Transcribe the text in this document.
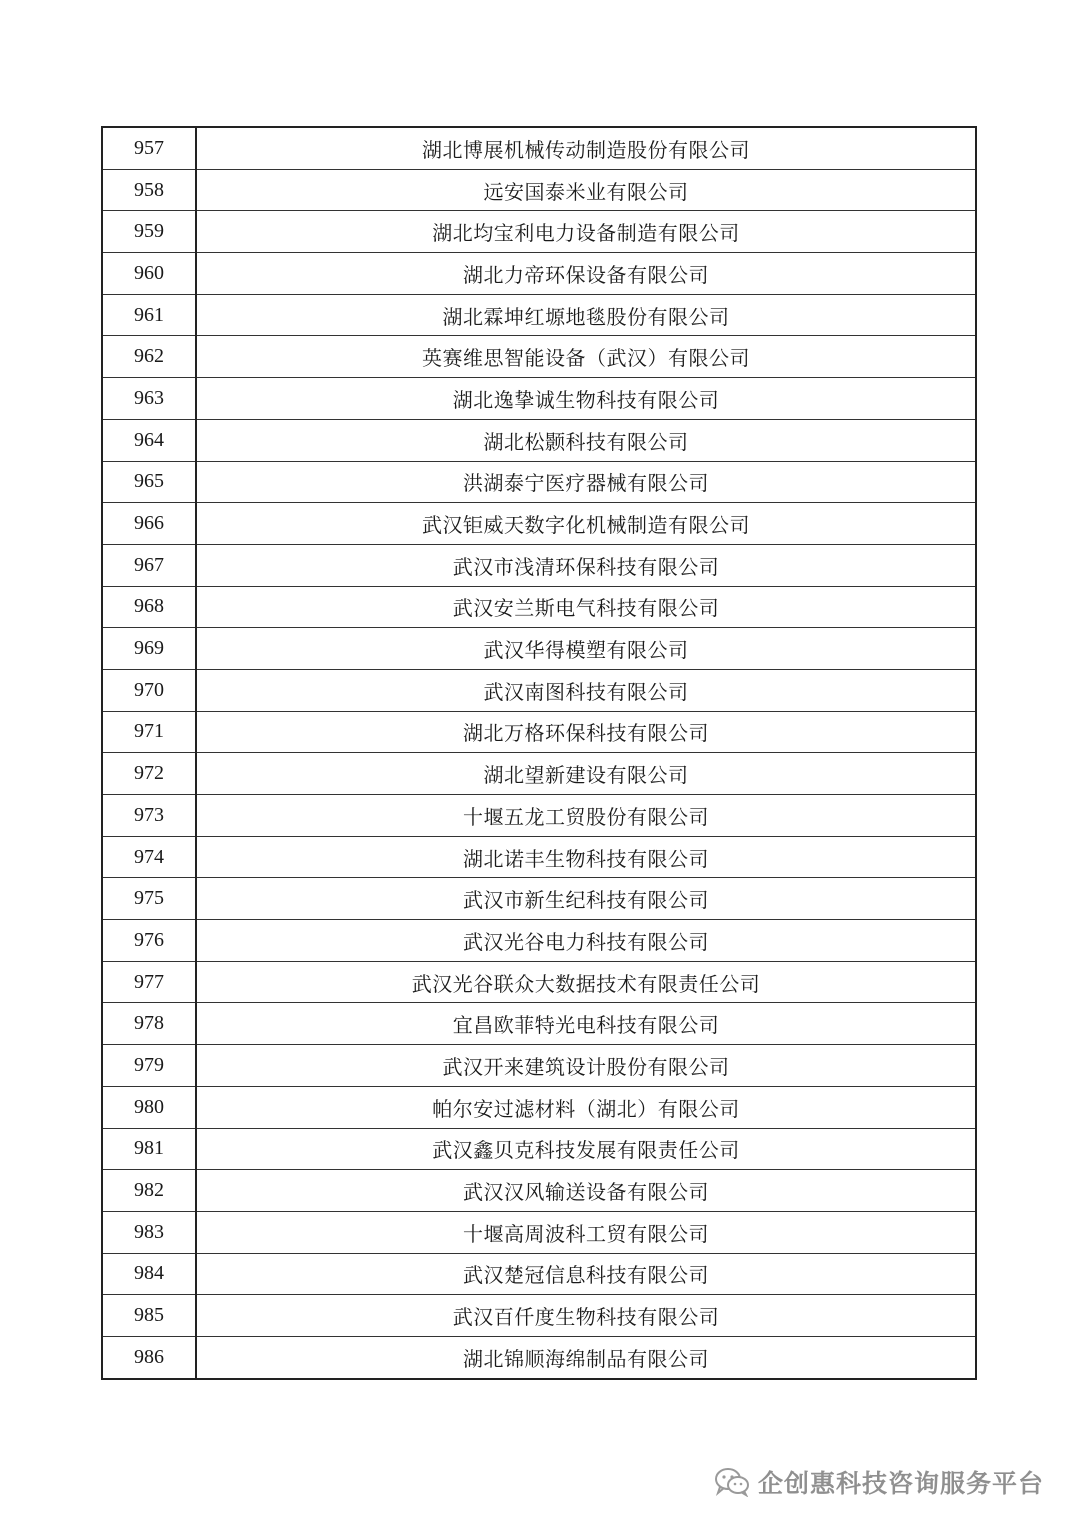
957	湖北博展机械传动制造股份有限公司
958	远安国泰米业有限公司
959	湖北均宝利电力设备制造有限公司
960	湖北力帝环保设备有限公司
961	湖北霖坤红塬地毯股份有限公司
962	英赛维思智能设备（武汉）有限公司
963	湖北逸挚诚生物科技有限公司
964	湖北松颢科技有限公司
965	洪湖泰宁医疗器械有限公司
966	武汉钜威天数字化机械制造有限公司
967	武汉市浅清环保科技有限公司
968	武汉安兰斯电气科技有限公司
969	武汉华得模塑有限公司
970	武汉南图科技有限公司
971	湖北万格环保科技有限公司
972	湖北望新建设有限公司
973	十堰五龙工贸股份有限公司
974	湖北诺丰生物科技有限公司
975	武汉市新生纪科技有限公司
976	武汉光谷电力科技有限公司
977	武汉光谷联众大数据技术有限责任公司
978	宜昌欧菲特光电科技有限公司
979	武汉开来建筑设计股份有限公司
980	帕尔安过滤材料（湖北）有限公司
981	武汉鑫贝克科技发展有限责任公司
982	武汉汉风输送设备有限公司
983	十堰高周波科工贸有限公司
984	武汉楚冠信息科技有限公司
985	武汉百仟度生物科技有限公司
986	湖北锦顺海绵制品有限公司
企创惠科技咨询服务平台
